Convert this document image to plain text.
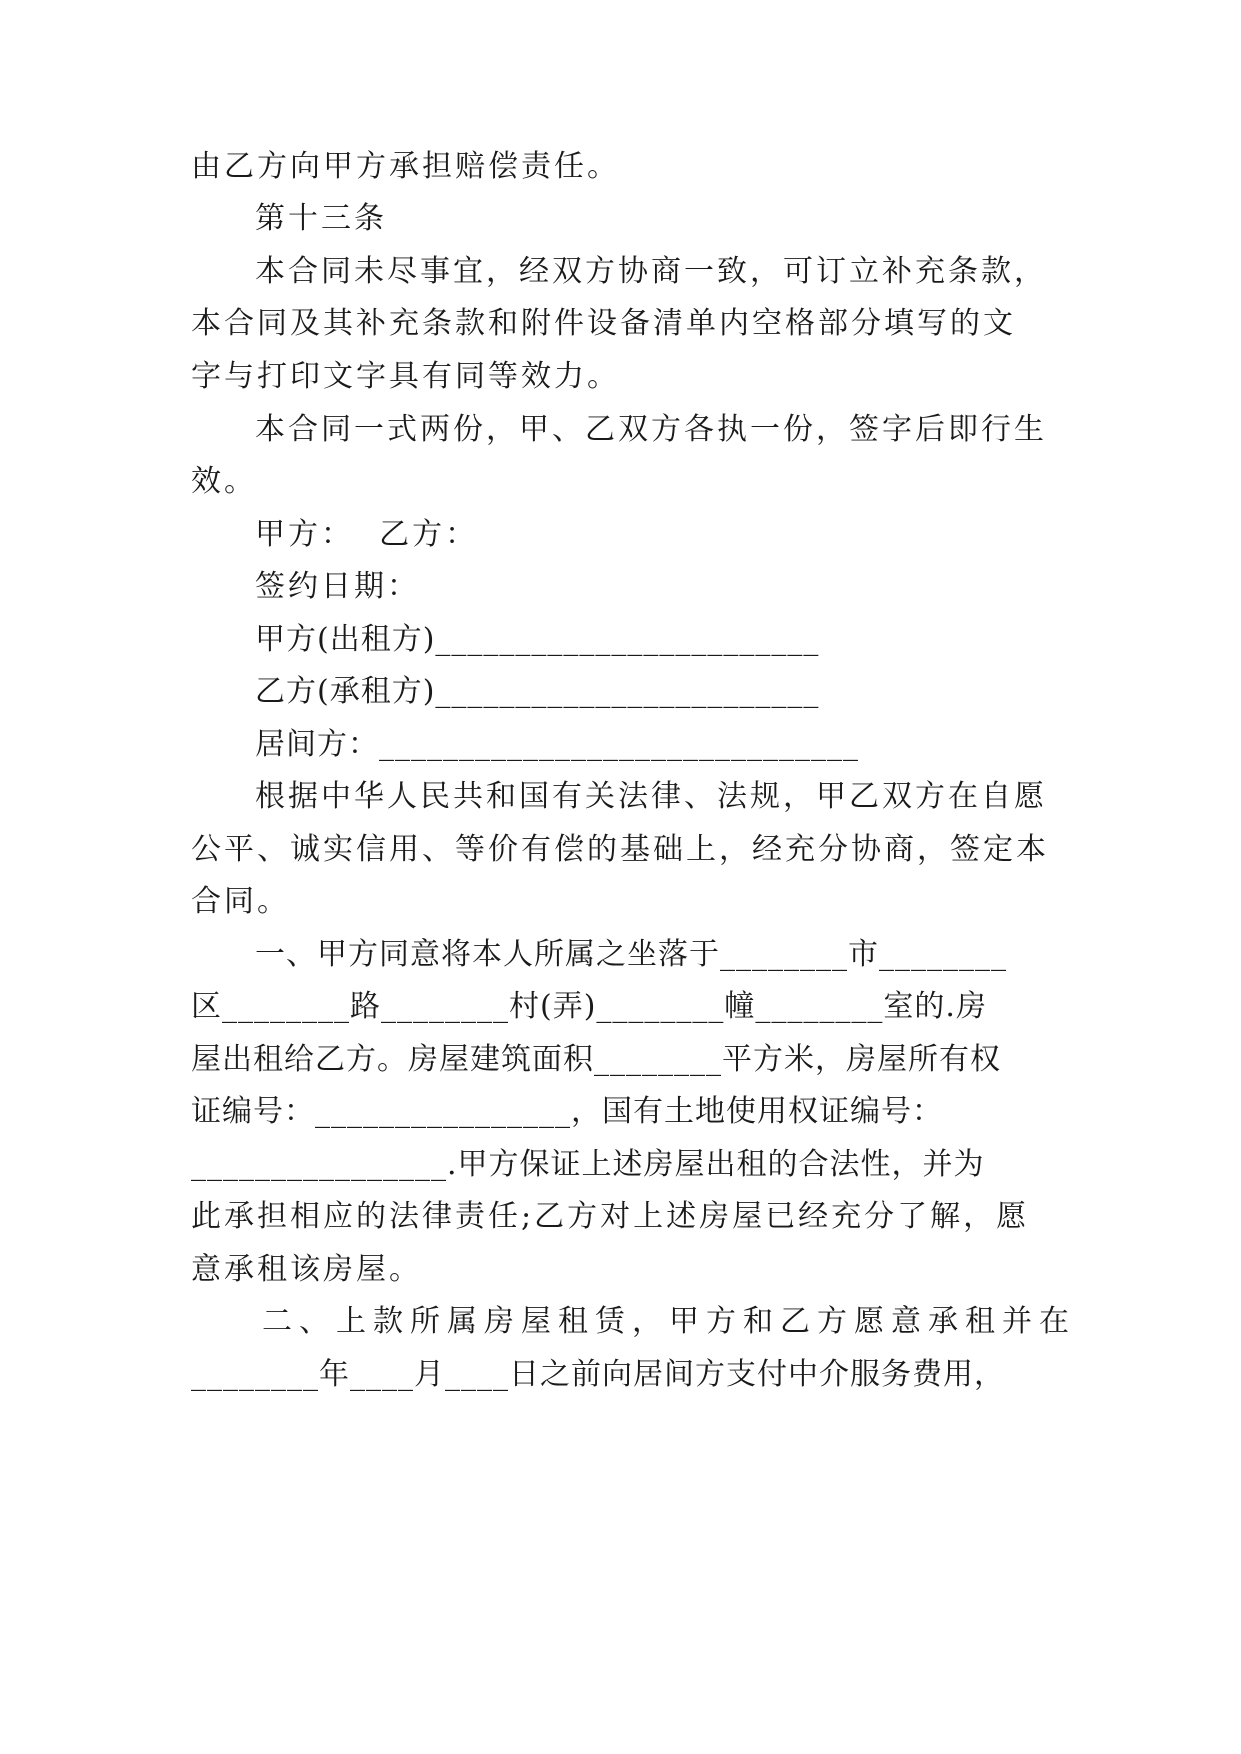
由乙方向甲方承担赔偿责任。
第十三条
本合同未尽事宜，经双方协商一致，可订立补充条款，
本合同及其补充条款和附件设备清单内空格部分填写的文
字与打印文字具有同等效力。
本合同一式两份，甲、乙双方各执一份，签字后即行生
效。
甲方：  乙方：
签约日期：
甲方(出租方)________________________
乙方(承租方)________________________
居间方：______________________________
根据中华人民共和国有关法律、法规，甲乙双方在自愿
公平、诚实信用、等价有偿的基础上，经充分协商，签定本
合同。
一、甲方同意将本人所属之坐落于________市________
区________路________村(弄)________幢________室的.房
屋出租给乙方。房屋建筑面积________平方米，房屋所有权
证编号：________________，国有土地使用权证编号：
________________.甲方保证上述房屋出租的合法性，并为
此承担相应的法律责任;乙方对上述房屋已经充分了解，愿
意承租该房屋。
二、上款所属房屋租赁，甲方和乙方愿意承租并在
________年____月____日之前向居间方支付中介服务费用，
